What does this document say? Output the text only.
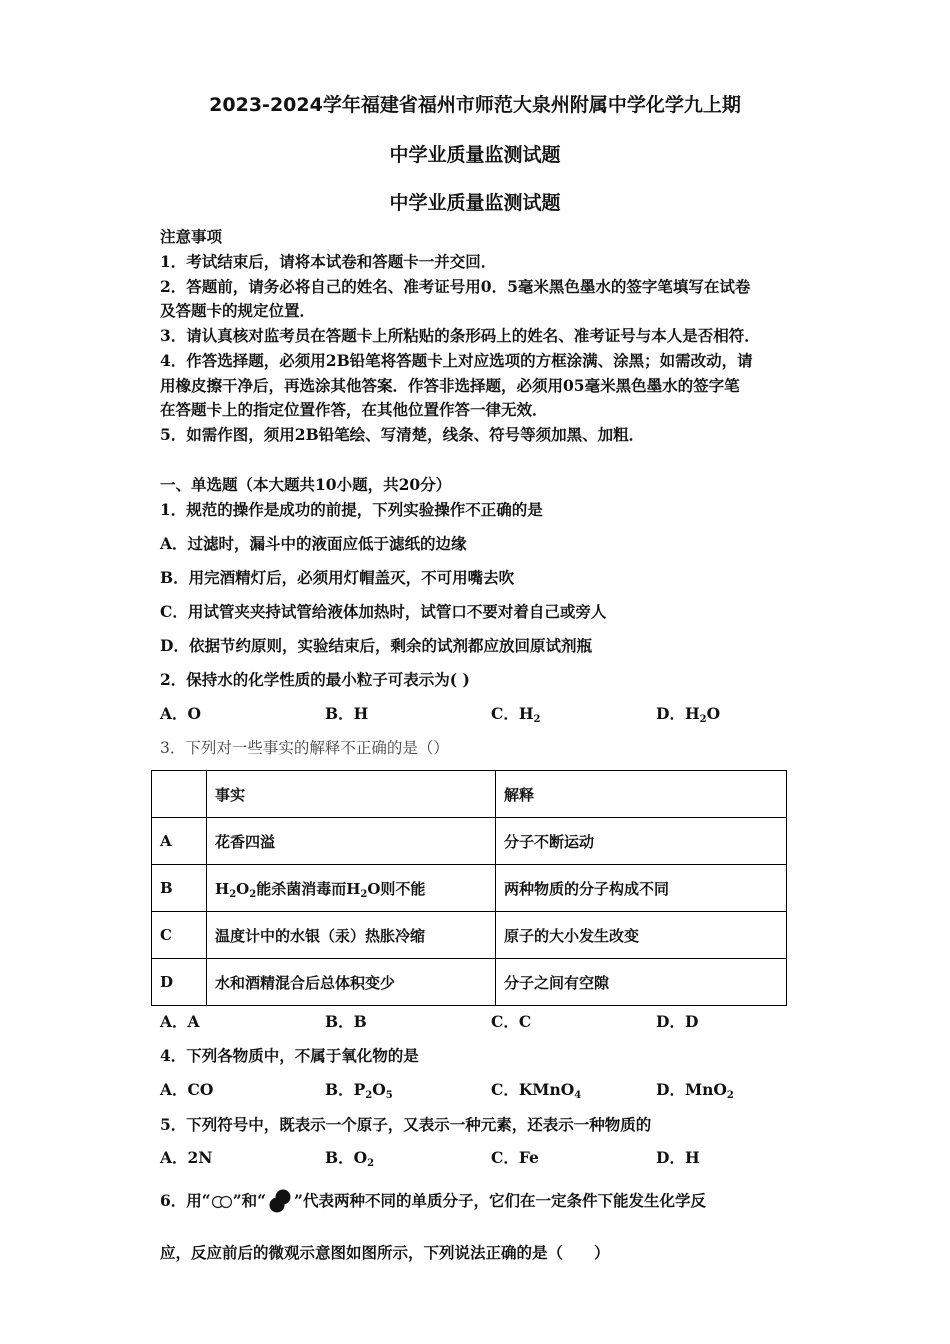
2023-2024学年福建省福州市师范大泉州附属中学化学九上期
中学业质量监测试题
中学业质量监测试题
注意事项
1．考试结束后，请将本试卷和答题卡一并交回．
2．答题前，请务必将自己的姓名、准考证号用0．5毫米黑色墨水的签字笔填写在试卷
及答题卡的规定位置．
3．请认真核对监考员在答题卡上所粘贴的条形码上的姓名、准考证号与本人是否相符．
4．作答选择题，必须用2B铅笔将答题卡上对应选项的方框涂满、涂黑；如需改动，请
用橡皮擦干净后，再选涂其他答案．作答非选择题，必须用05毫米黑色墨水的签字笔
在答题卡上的指定位置作答，在其他位置作答一律无效．
5．如需作图，须用2B铅笔绘、写清楚，线条、符号等须加黑、加粗．
一、单选题（本大题共10小题，共20分）
1．规范的操作是成功的前提，下列实验操作不正确的是
A．过滤时，漏斗中的液面应低于滤纸的边缘
B．用完酒精灯后，必须用灯帽盖灭，不可用嘴去吹
C．用试管夹夹持试管给液体加热时，试管口不要对着自己或旁人
D．依据节约原则，实验结束后，剩余的试剂都应放回原试剂瓶
2．保持水的化学性质的最小粒子可表示为( )
A．O	B．H	C．$H_2$	D．$H_2O$
3．下列对一些事实的解释不正确的是（）
	事实	解释
A	花香四溢	分子不断运动
B	$H_2O_2$能杀菌消毒而$H_2O$则不能	两种物质的分子构成不同
C	温度计中的水银（汞）热胀冷缩	原子的大小发生改变
D	水和酒精混合后总体积变少	分子之间有空隙
A．A	B．B	C．C	D．D
4．下列各物质中，不属于氧化物的是
A．CO	B．$P_2O_5$	C．KMnO$_4$	D．MnO$_2$
5．下列符号中，既表示一个原子，又表示一种元素，还表示一种物质的
A．2N	B．$O_2$	C．Fe	D．H
6．用“ ”和“ ”代表两种不同的单质分子，它们在一定条件下能发生化学反
应，反应前后的微观示意图如图所示，下列说法正确的是（　　）
